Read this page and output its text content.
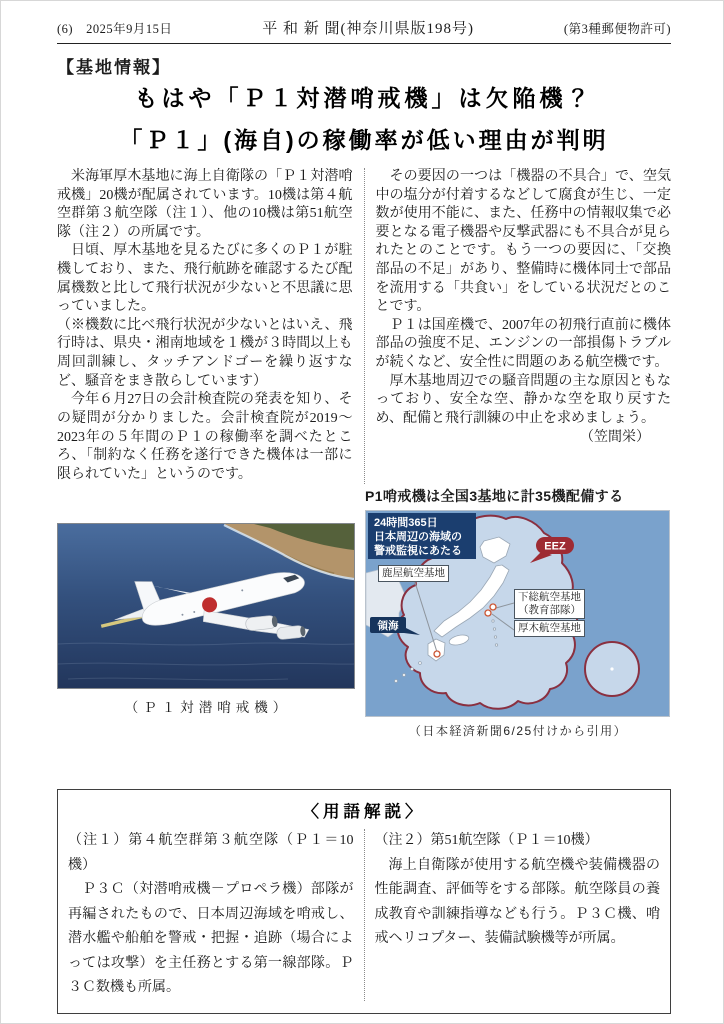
(6)　2025年9月15日	平 和 新 聞(神奈川県版198号)	(第3種郵便物許可)
【基地情報】
もはや「Ｐ１対潜哨戒機」は欠陥機？
「Ｐ１」(海自)の稼働率が低い理由が判明

米海軍厚木基地に海上自衛隊の「Ｐ１対潜哨戒機」20機が配属されています。10機は第４航空群第３航空隊（注１）、他の10機は第51航空隊（注２）の所属です。

日頃、厚木基地を見るたびに多くのＰ１が駐機しており、また、飛行航跡を確認するたび配属機数と比して飛行状況が少ないと不思議に思っていました。

（※機数に比べ飛行状況が少ないとはいえ、飛行時は、県央・湘南地域を１機が３時間以上も周回訓練し、タッチアンドゴーを繰り返すなど、騒音をまき散らしています）

今年６月27日の会計検査院の発表を知り、その疑問が分かりました。会計検査院が2019～2023年の５年間のＰ１の稼働率を調べたところ、「制約なく任務を遂行できた機体は一部に限られていた」というのです。

その要因の一つは「機器の不具合」で、空気中の塩分が付着するなどして腐食が生じ、一定数が使用不能に、また、任務中の情報収集で必要となる電子機器や反撃武器にも不具合が見られたとのことです。もう一つの要因に、「交換部品の不足」があり、整備時に機体同士で部品を流用する「共食い」をしている状況だとのことです。

Ｐ１は国産機で、2007年の初飛行直前に機体部品の強度不足、エンジンの一部損傷トラブルが続くなど、安全性に問題のある航空機です。

厚木基地周辺での騒音問題の主な原因ともなっており、安全な空、静かな空を取り戻すため、配備と飛行訓練の中止を求めましょう。

（笠間栄）

（Ｐ１対潜哨戒機）
P1哨戒機は全国3基地に計35機配備する
24時間365日
日本周辺の海域の
警戒監視にあたる	EEZ
領海
鹿屋航空基地
下総航空基地
（教育部隊）
厚木航空基地
（日本経済新聞6/25付けから引用）
〈用語解説〉

（注１）第４航空群第３航空隊（Ｐ１＝10機）

Ｐ３Ｃ（対潜哨戒機－プロペラ機）部隊が再編されたもので、日本周辺海域を哨戒し、潜水艦や船舶を警戒・把握・追跡（場合によっては攻撃）を主任務とする第一線部隊。Ｐ３Ｃ数機も所属。

（注２）第51航空隊（Ｐ１＝10機）

海上自衛隊が使用する航空機や装備機器の性能調査、評価等をする部隊。航空隊員の養成教育や訓練指導なども行う。Ｐ３Ｃ機、哨戒ヘリコプター、装備試験機等が所属。
